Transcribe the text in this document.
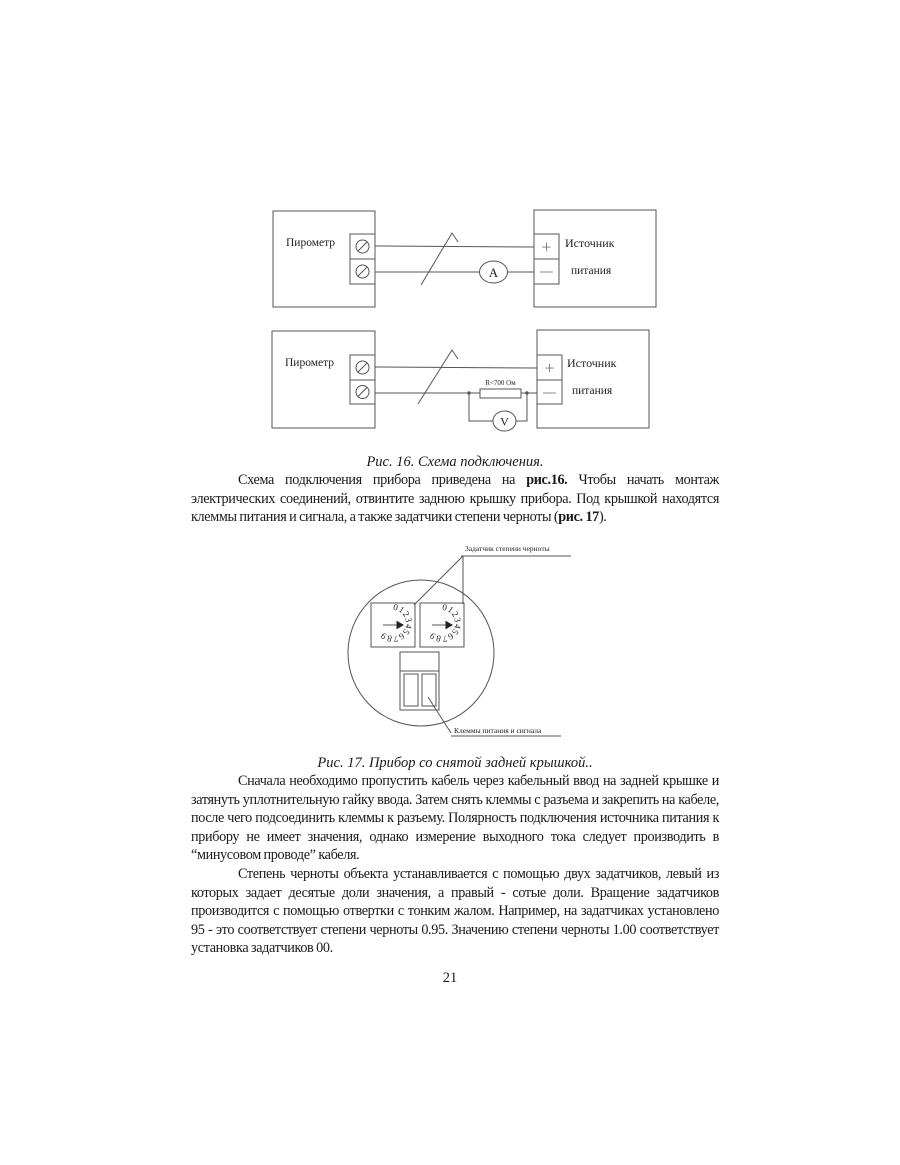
Пирометр
A
+ Источник
питания
Пирометр
R<700 Ом
V
+ Источник
питания
Задатчик степени черноты
0123456789
0123456789
Клеммы питания и сигнала

Рис. 16. Схема подключения.

Схема подключения прибора приведена на рис.16. Чтобы начать монтаж электрических соединений, отвинтите заднюю крышку прибора. Под крышкой находятся клеммы питания и сигнала, а также задатчики степени черноты (рис. 17).

Рис. 17. Прибор со снятой задней крышкой..

Сначала необходимо пропустить кабель через кабельный ввод на задней крышке и затянуть уплотнительную гайку ввода. Затем снять клеммы с разъема и закрепить на кабеле, после чего подсоединить клеммы к разъему. Полярность подключения источника питания к прибору не имеет значения, однако измерение выходного тока следует производить в “минусовом проводе” кабеля.

Степень черноты объекта устанавливается с помощью двух задатчиков, левый из которых задает десятые доли значения, а правый - сотые доли. Вращение задатчиков производится с помощью отвертки с тонким жалом. Например, на задатчиках установлено 95 - это соответствует степени черноты 0.95. Значению степени черноты 1.00 соответствует установка задатчиков 00.

21
